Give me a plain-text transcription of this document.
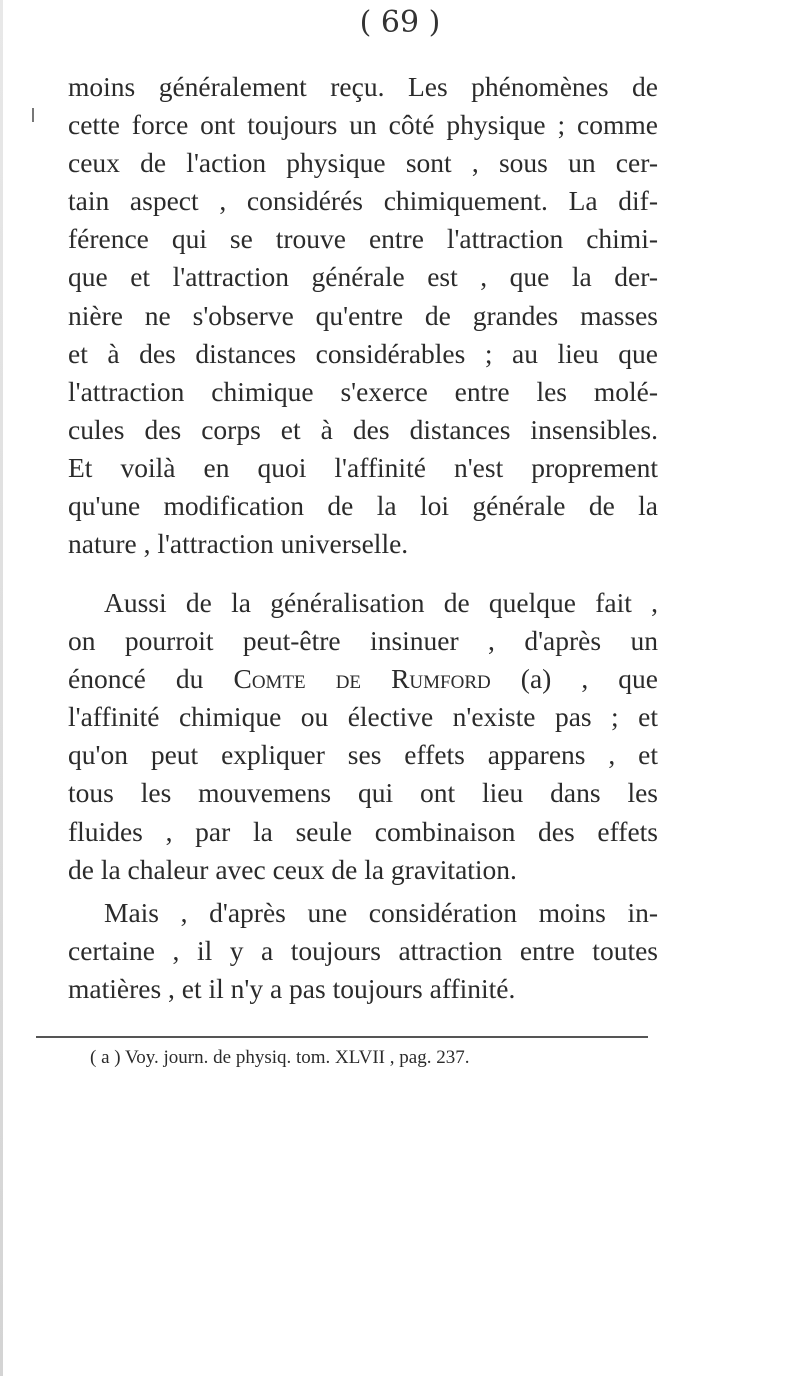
( 69 )
moins généralement reçu. Les phénomènes de
cette force ont toujours un côté physique ; comme
ceux de l'action physique sont , sous un cer-
tain aspect , considérés chimiquement. La dif-
férence qui se trouve entre l'attraction chimi-
que et l'attraction générale est , que la der-
nière ne s'observe qu'entre de grandes masses
et à des distances considérables ; au lieu que
l'attraction chimique s'exerce entre les molé-
cules des corps et à des distances insensibles.
Et voilà en quoi l'affinité n'est proprement
qu'une modification de la loi générale de la
nature , l'attraction universelle.
Aussi de la généralisation de quelque fait ,
on pourroit peut-être insinuer , d'après un
énoncé du Comte de Rumford (a) , que
l'affinité chimique ou élective n'existe pas ; et
qu'on peut expliquer ses effets apparens , et
tous les mouvemens qui ont lieu dans les
fluides , par la seule combinaison des effets
de la chaleur avec ceux de la gravitation.
Mais , d'après une considération moins in-
certaine , il y a toujours attraction entre toutes
matières , et il n'y a pas toujours affinité.
( a ) Voy. journ. de physiq. tom. XLVII , pag. 237.
